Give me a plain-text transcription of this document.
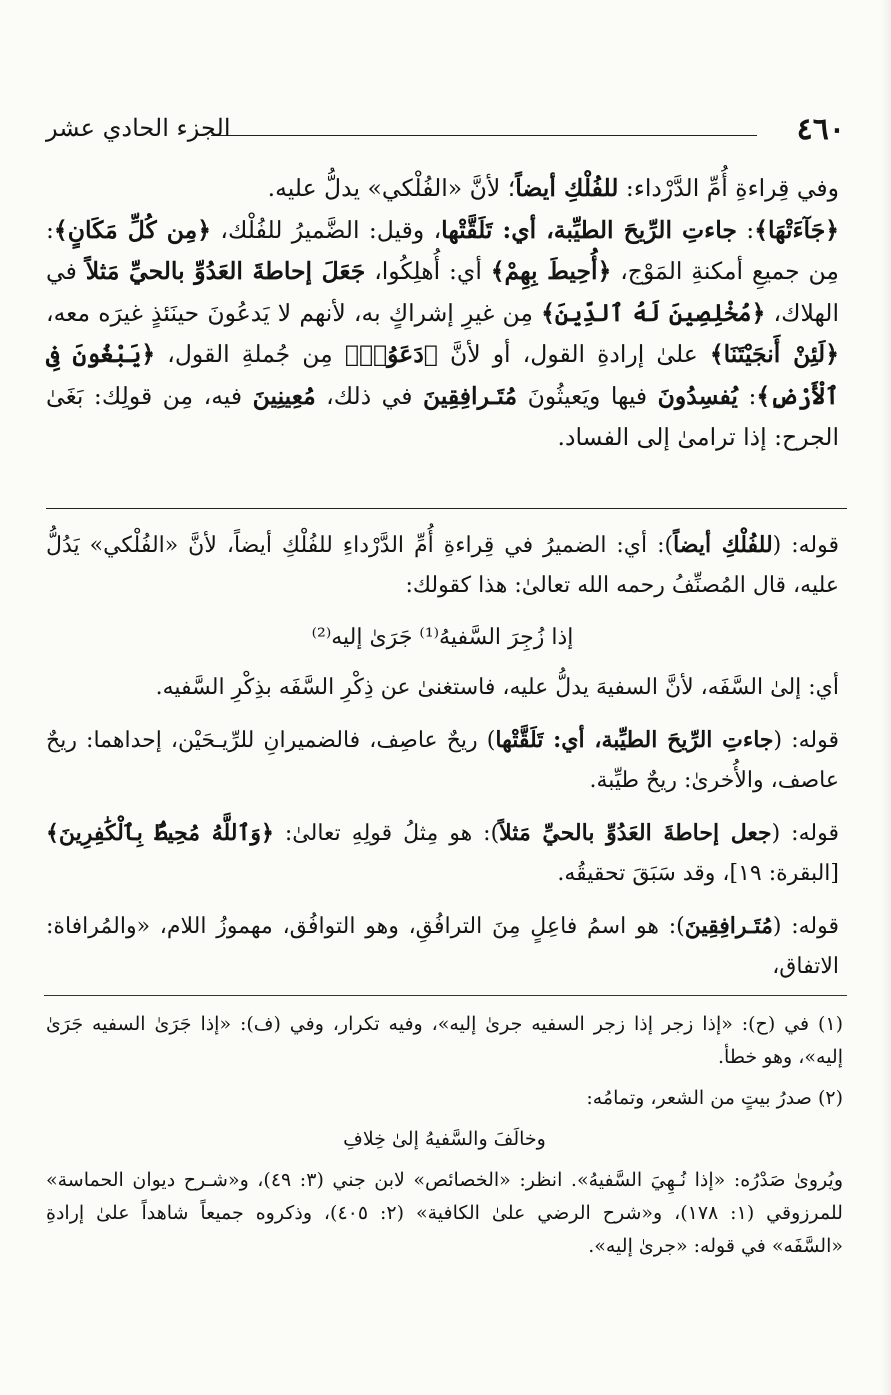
٤٦٠
الجزء الحادي عشر

وفي قِراءةِ أُمِّ الدَّرْداء: للفُلْكِ أيضاً؛ لأنَّ «الفُلْكي» يدلُّ عليه.

﴿جَآءَتْهَا﴾: جاءتِ الرِّيحَ الطيِّبة، أي: تَلَقَّتْها، وقيل: الضَّميرُ للفُلْك، ﴿مِن كُلِّ مَكَانٍ﴾: مِن جميعِ أمكنةِ المَوْج، ﴿أُحِيطَ بِهِمْ﴾ أي: أُهلِكُوا، جَعَلَ إحاطةَ العَدُوِّ بالحيِّ مَثلاً في الهلاك، ﴿مُخْلِصِينَ لَهُ ٱلدِّينَ﴾ مِن غيرِ إشراكٍ به، لأنهم لا يَدعُونَ حينَئذٍ غيرَه معه، ﴿لَئِنْ أَنجَيْتَنَا﴾ علىٰ إرادةِ القول، أو لأنَّ ﴿دَعَوُا۟﴾ مِن جُملةِ القول، ﴿يَبْغُونَ فِى ٱلْأَرْضِ﴾: يُفسِدُونَ فيها ويَعيثُونَ مُتَـرافِقِينَ في ذلك، مُعِينِينَ فيه، مِن قولِك: بَغَىٰ الجرح: إذا ترامىٰ إلى الفساد.

قوله: (للفُلْكِ أيضاً): أي: الضميرُ في قِراءةِ أُمِّ الدَّرْداءِ للفُلْكِ أيضاً، لأنَّ «الفُلْكي» يَدُلُّ عليه، قال المُصنِّفُ رحمه الله تعالىٰ: هذا كقولك:

إذا زُجِرَ السَّفيهُ⁽¹⁾ جَرَىٰ إليه⁽²⁾

أي: إلىٰ السَّفَه، لأنَّ السفيهَ يدلُّ عليه، فاستغنىٰ عن ذِكْرِ السَّفَه بذِكْرِ السَّفيه.

قوله: (جاءتِ الرِّيحَ الطيِّبة، أي: تَلَقَّتْها) ريحٌ عاصِف، فالضميرانِ للرِّيـحَيْن، إحداهما: ريحٌ عاصف، والأُخرىٰ: ريحٌ طيِّبة.

قوله: (جعل إحاطةَ العَدُوِّ بالحيِّ مَثلاً): هو مِثلُ قولِهِ تعالىٰ: ﴿وَٱللَّهُ مُحِيطٌۢ بِٱلْكَٰفِرِينَ﴾ [البقرة: ١٩]، وقد سَبَقَ تحقيقُه.

قوله: (مُتَـرافِقِينَ): هو اسمُ فاعِلٍ مِنَ الترافُقِ، وهو التوافُق، مهموزُ اللام، «والمُرافاة: الاتفاق،

(١) في (ح): «إذا زجر إذا زجر السفيه جرىٰ إليه»، وفيه تكرار، وفي (ف): «إذا جَرَىٰ السفيه جَرَىٰ إليه»، وهو خطأ.

(٢) صدرُ بيتٍ من الشعر، وتمامُه:

وخالَفَ والسَّفيهُ إلىٰ خِلافِ

ويُروىٰ صَدْرُه: «إذا نُـهِيَ السَّفيهُ». انظر: «الخصائص» لابن جني (٣: ٤٩)، و«شـرح ديوان الحماسة» للمرزوقي (١: ١٧٨)، و«شرح الرضي علىٰ الكافية» (٢: ٤٠٥)، وذكروه جميعاً شاهداً علىٰ إرادةِ «السَّفَه» في قوله: «جرىٰ إليه».
